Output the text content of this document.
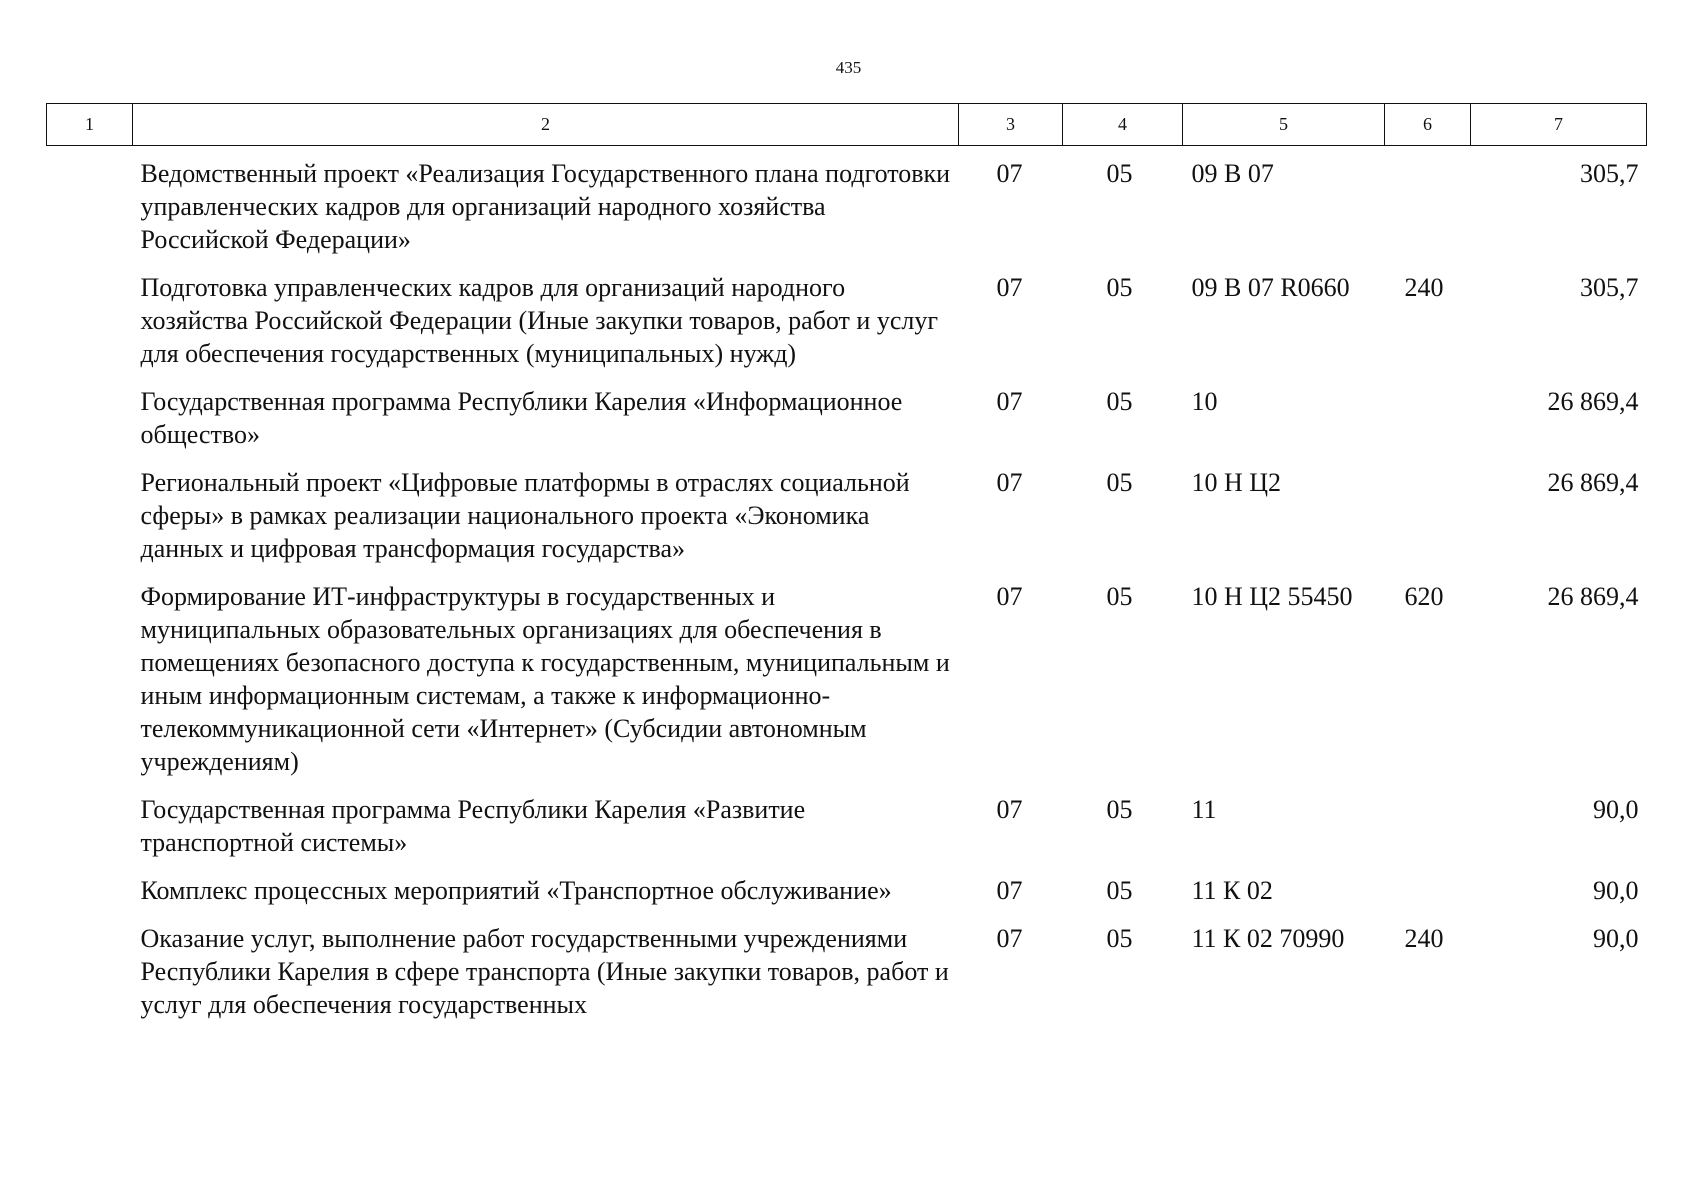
435
1	2	3	4	5	6	7
	Ведомственный проект «Реализация Государственного плана подготовки управленческих кадров для организаций народного хозяйства Российской Федерации»	07	05	09 В 07		305,7
	Подготовка управленческих кадров для организаций народного хозяйства Российской Федерации (Иные закупки товаров, работ и услуг для обеспечения государственных (муниципальных) нужд)	07	05	09 В 07 R0660	240	305,7
	Государственная программа Республики Карелия «Информационное общество»	07	05	10		26 869,4
	Региональный проект «Цифровые платформы в отраслях социальной сферы» в рамках реализации национального проекта «Экономика данных и цифровая трансформация государства»	07	05	10 Н Ц2		26 869,4
	Формирование ИТ-инфраструктуры в государственных и муниципальных образовательных организациях для обеспечения в помещениях безопасного доступа к государственным, муниципальным и иным информационным системам, а также к информационно-телекоммуникационной сети «Интернет» (Субсидии автономным учреждениям)	07	05	10 Н Ц2 55450	620	26 869,4
	Государственная программа Республики Карелия «Развитие транспортной системы»	07	05	11		90,0
	Комплекс процессных мероприятий «Транспортное обслуживание»	07	05	11 К 02		90,0
	Оказание услуг, выполнение работ государственными учреждениями Республики Карелия в сфере транспорта (Иные закупки товаров, работ и услуг для обеспечения государственных	07	05	11 К 02 70990	240	90,0
